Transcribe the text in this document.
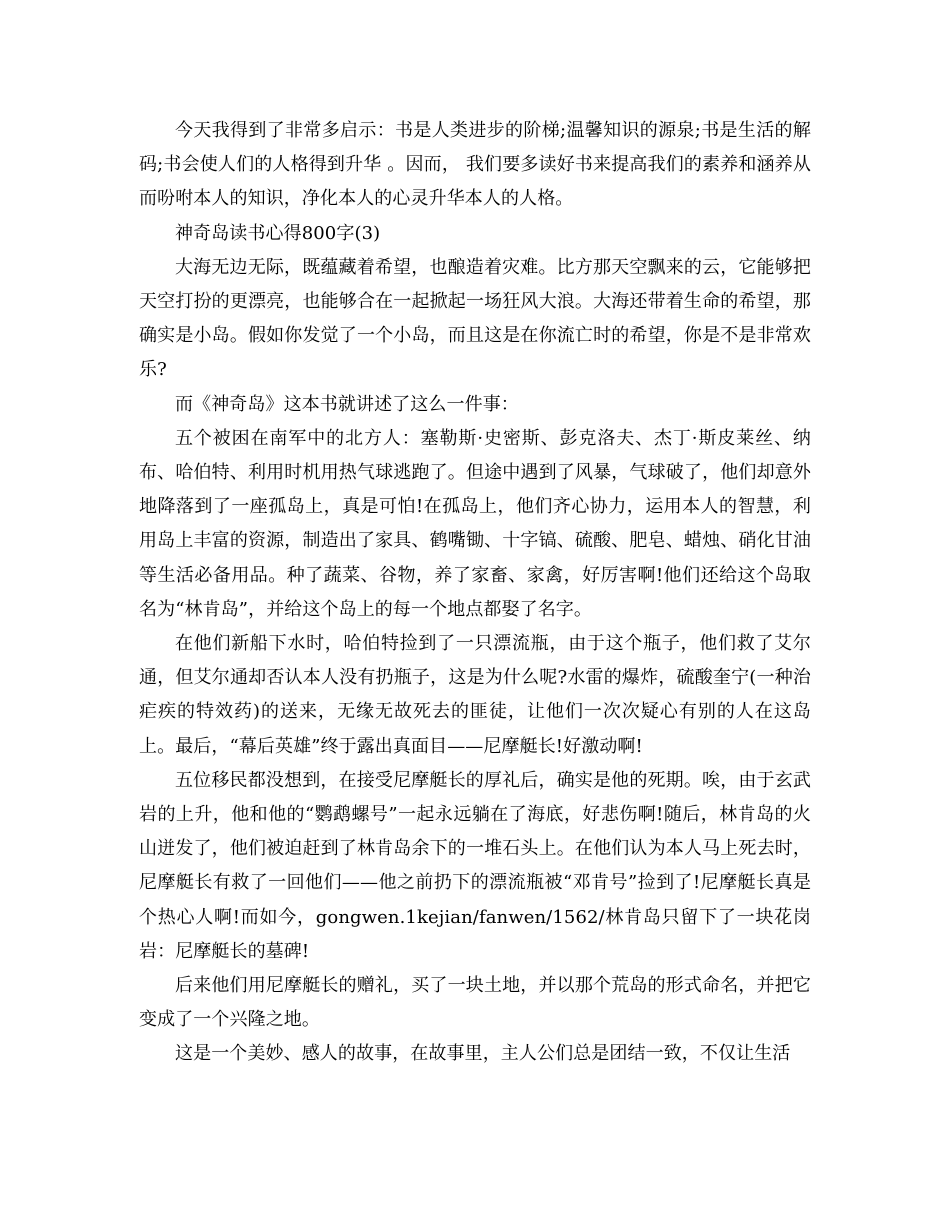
今天我得到了非常多启示：书是人类进步的阶梯;温馨知识的源泉;书是生活的解码;书会使人们的人格得到升华 。因而， 我们要多读好书来提高我们的素养和涵养从而吩咐本人的知识，净化本人的心灵升华本人的人格。

神奇岛读书心得800字(3)

大海无边无际，既蕴藏着希望，也酿造着灾难。比方那天空飘来的云，它能够把天空打扮的更漂亮，也能够合在一起掀起一场狂风大浪。大海还带着生命的希望，那确实是小岛。假如你发觉了一个小岛，而且这是在你流亡时的希望，你是不是非常欢乐?

而《神奇岛》这本书就讲述了这么一件事：

五个被困在南军中的北方人：塞勒斯·史密斯、彭克洛夫、杰丁·斯皮莱丝、纳布、哈伯特、利用时机用热气球逃跑了。但途中遇到了风暴，气球破了，他们却意外地降落到了一座孤岛上，真是可怕!在孤岛上，他们齐心协力，运用本人的智慧，利用岛上丰富的资源，制造出了家具、鹤嘴锄、十字镐、硫酸、肥皂、蜡烛、硝化甘油等生活必备用品。种了蔬菜、谷物，养了家畜、家禽，好厉害啊!他们还给这个岛取名为“林肯岛”，并给这个岛上的每一个地点都娶了名字。

在他们新船下水时，哈伯特捡到了一只漂流瓶，由于这个瓶子，他们救了艾尔通，但艾尔通却否认本人没有扔瓶子，这是为什么呢?水雷的爆炸，硫酸奎宁(一种治疟疾的特效药)的送来，无缘无故死去的匪徒，让他们一次次疑心有别的人在这岛上。最后，“幕后英雄”终于露出真面目——尼摩艇长!好激动啊!

五位移民都没想到，在接受尼摩艇长的厚礼后，确实是他的死期。唉，由于玄武岩的上升，他和他的“鹦鹉螺号”一起永远躺在了海底，好悲伤啊!随后，林肯岛的火山迸发了，他们被迫赶到了林肯岛余下的一堆石头上。在他们认为本人马上死去时，尼摩艇长有救了一回他们——他之前扔下的漂流瓶被“邓肯号”捡到了!尼摩艇长真是个热心人啊!而如今，gongwen.1kejian/fanwen/1562/林肯岛只留下了一块花岗岩：尼摩艇长的墓碑!

后来他们用尼摩艇长的赠礼，买了一块土地，并以那个荒岛的形式命名，并把它变成了一个兴隆之地。

这是一个美妙、感人的故事，在故事里，主人公们总是团结一致，不仅让生活
